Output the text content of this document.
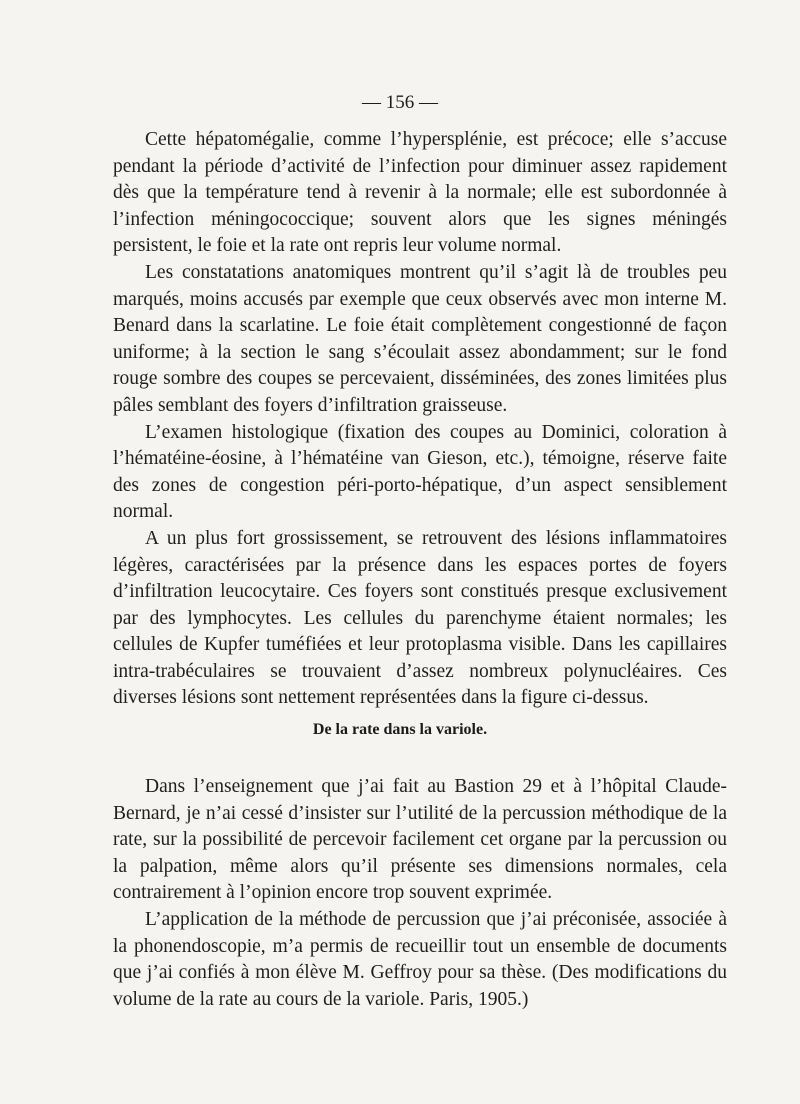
— 156 —

Cette hépatomégalie, comme l’hypersplénie, est précoce; elle s’accuse pendant la période d’activité de l’infection pour diminuer assez rapidement dès que la température tend à revenir à la normale; elle est subordonnée à l’infection méningococcique; souvent alors que les signes méningés persistent, le foie et la rate ont repris leur volume normal.

Les constatations anatomiques montrent qu’il s’agit là de troubles peu marqués, moins accusés par exemple que ceux observés avec mon interne M. Benard dans la scarlatine. Le foie était complètement congestionné de façon uniforme; à la section le sang s’écoulait assez abondamment; sur le fond rouge sombre des coupes se percevaient, disséminées, des zones limitées plus pâles semblant des foyers d’infiltration graisseuse.

L’examen histologique (fixation des coupes au Dominici, coloration à l’hématéine-éosine, à l’hématéine van Gieson, etc.), témoigne, réserve faite des zones de congestion péri-porto-hépatique, d’un aspect sensiblement normal.

A un plus fort grossissement, se retrouvent des lésions inflammatoires légères, caractérisées par la présence dans les espaces portes de foyers d’infiltration leucocytaire. Ces foyers sont constitués presque exclusivement par des lymphocytes. Les cellules du parenchyme étaient normales; les cellules de Kupfer tuméfiées et leur protoplasma visible. Dans les capillaires intra-trabéculaires se trouvaient d’assez nombreux polynucléaires. Ces diverses lésions sont nettement représentées dans la figure ci-dessus.

De la rate dans la variole.

Dans l’enseignement que j’ai fait au Bastion 29 et à l’hôpital Claude-Bernard, je n’ai cessé d’insister sur l’utilité de la percussion méthodique de la rate, sur la possibilité de percevoir facilement cet organe par la percussion ou la palpation, même alors qu’il présente ses dimensions normales, cela contrairement à l’opinion encore trop souvent exprimée.

L’application de la méthode de percussion que j’ai préconisée, associée à la phonendoscopie, m’a permis de recueillir tout un ensemble de documents que j’ai confiés à mon élève M. Geffroy pour sa thèse. (Des modifications du volume de la rate au cours de la variole. Paris, 1905.)
